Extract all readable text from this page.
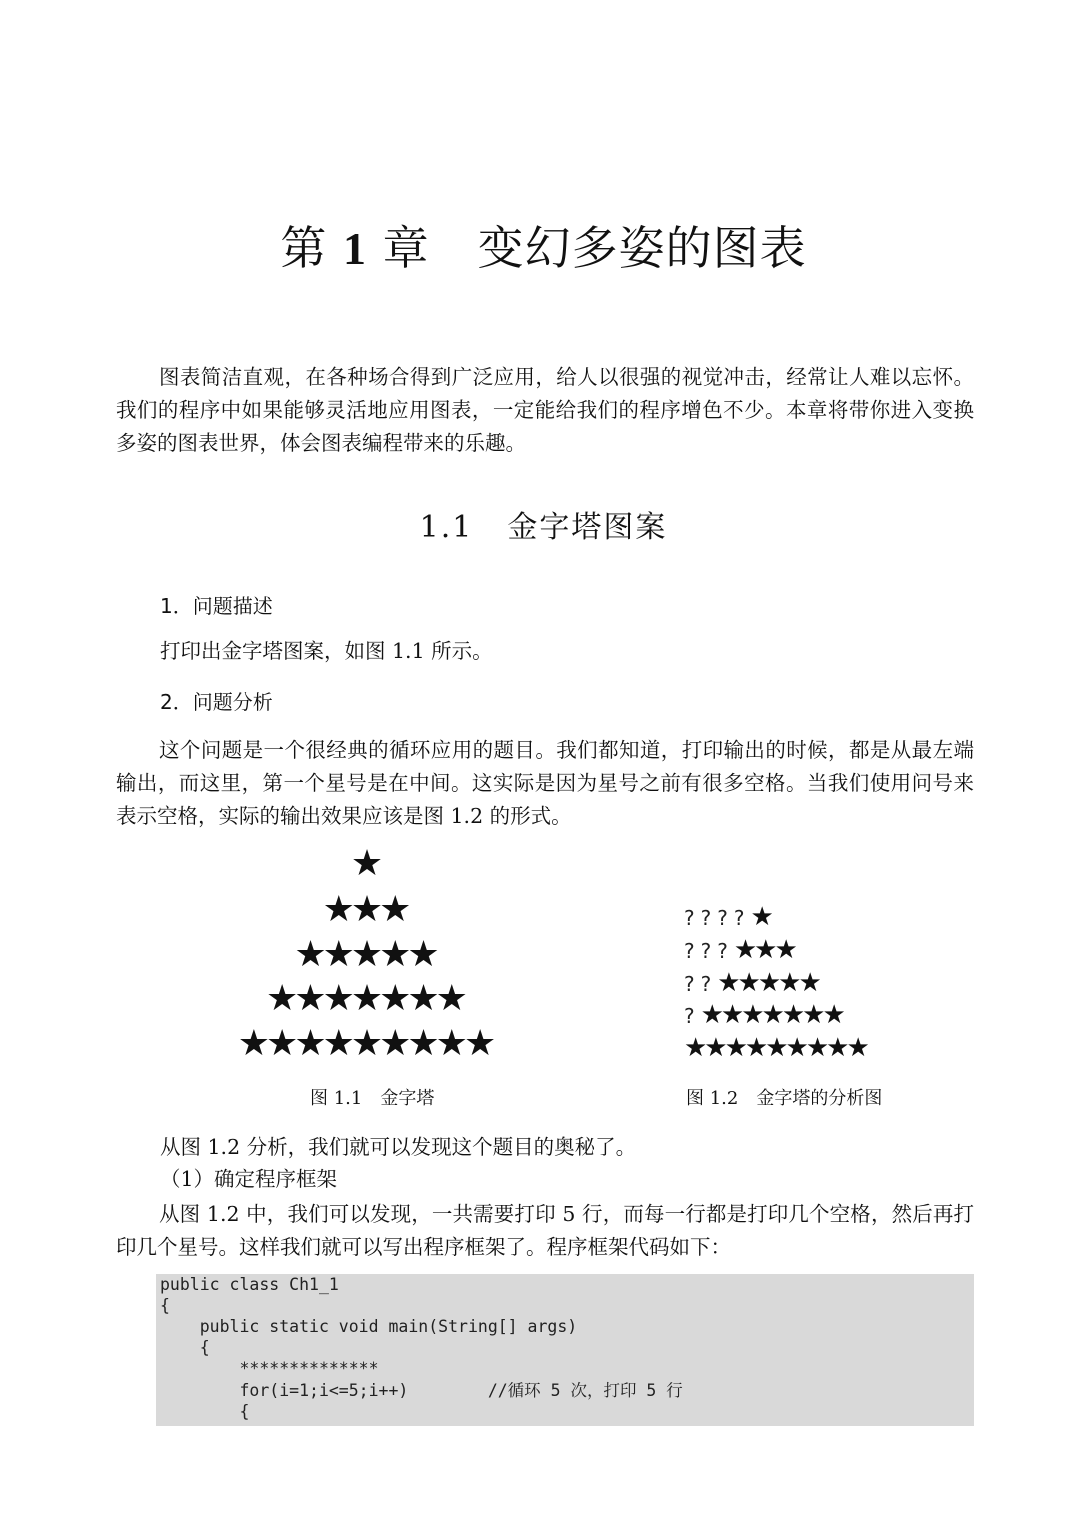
第 1 章 变幻多姿的图表

图表简洁直观，在各种场合得到广泛应用，给人以很强的视觉冲击，经常让人难以忘怀。我们的程序中如果能够灵活地应用图表，一定能给我们的程序增色不少。本章将带你进入变换多姿的图表世界，体会图表编程带来的乐趣。

1.1 金字塔图案
1．问题描述

打印出金字塔图案，如图 1.1 所示。

2．问题分析

这个问题是一个很经典的循环应用的题目。我们都知道，打印输出的时候，都是从最左端输出，而这里，第一个星号是在中间。这实际是因为星号之前有很多空格。当我们使用问号来表示空格，实际的输出效果应该是图 1.2 的形式。

★
★★★
★★★★★
★★★★★★★
★★★★★★★★★

图 1.1　金字塔

????★
???★★★
??★★★★★
?★★★★★★★
★★★★★★★★★

图 1.2　金字塔的分析图

从图 1.2 分析，我们就可以发现这个题目的奥秘了。

（1）确定程序框架

从图 1.2 中，我们可以发现，一共需要打印 5 行，而每一行都是打印几个空格，然后再打印几个星号。这样我们就可以写出程序框架了。程序框架代码如下：

public class Ch1_1
{
public static void main(String[] args)
{
**************
for(i=1;i<=5;i++)        //循环 5 次，打印 5 行
{
